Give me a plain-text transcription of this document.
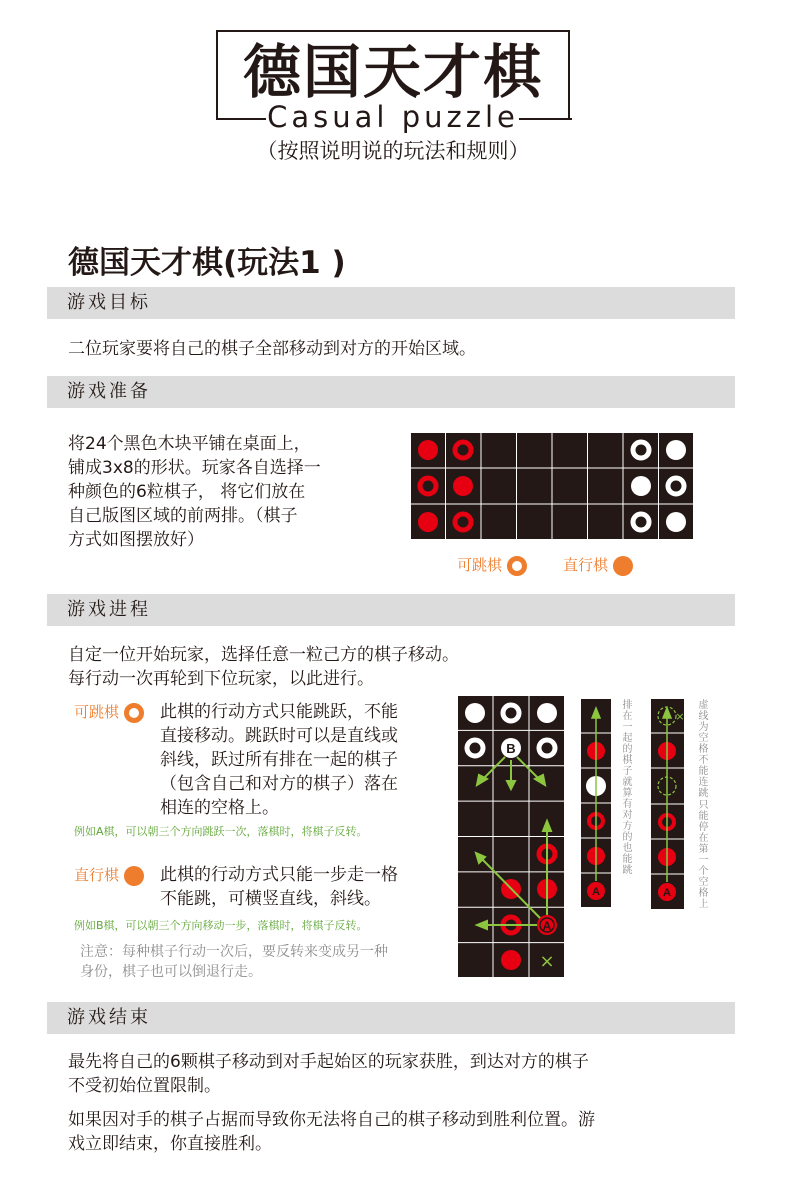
德国天才棋
Casual puzzle
（按照说明说的玩法和规则）
德国天才棋(玩法1 )
游戏目标
二位玩家要将自己的棋子全部移动到对方的开始区域。
游戏准备
将24个黑色木块平铺在桌面上，
铺成3x8的形状。玩家各自选择一
种颜色的6粒棋子， 将它们放在
自己版图区域的前两排。（棋子
方式如图摆放好）
可跳棋	直行棋
游戏进程
自定一位开始玩家，选择任意一粒己方的棋子移动。
每行动一次再轮到下位玩家，以此进行。
可跳棋	此棋的行动方式只能跳跃，不能
直接移动。跳跃时可以是直线或
斜线，跃过所有排在一起的棋子
（包含自己和对方的棋子）落在
相连的空格上。
例如A棋，可以朝三个方向跳跃一次，落棋时，将棋子反转。
直行棋	此棋的行动方式只能一步走一格
不能跳，可横竖直线，斜线。
例如B棋，可以朝三个方向移动一步，落棋时，将棋子反转。
注意：每种棋子行动一次后，要反转来变成另一种
身份，棋子也可以倒退行走。
B
A
×
A
排在一起的棋子就算有对方的也能跳
×
A
虚线为空格不能连跳
只能停在第一个空格上
游戏结束
最先将自己的6颗棋子移动到对手起始区的玩家获胜，到达对方的棋子
不受初始位置限制。
如果因对手的棋子占据而导致你无法将自己的棋子移动到胜利位置。游
戏立即结束，你直接胜利。
